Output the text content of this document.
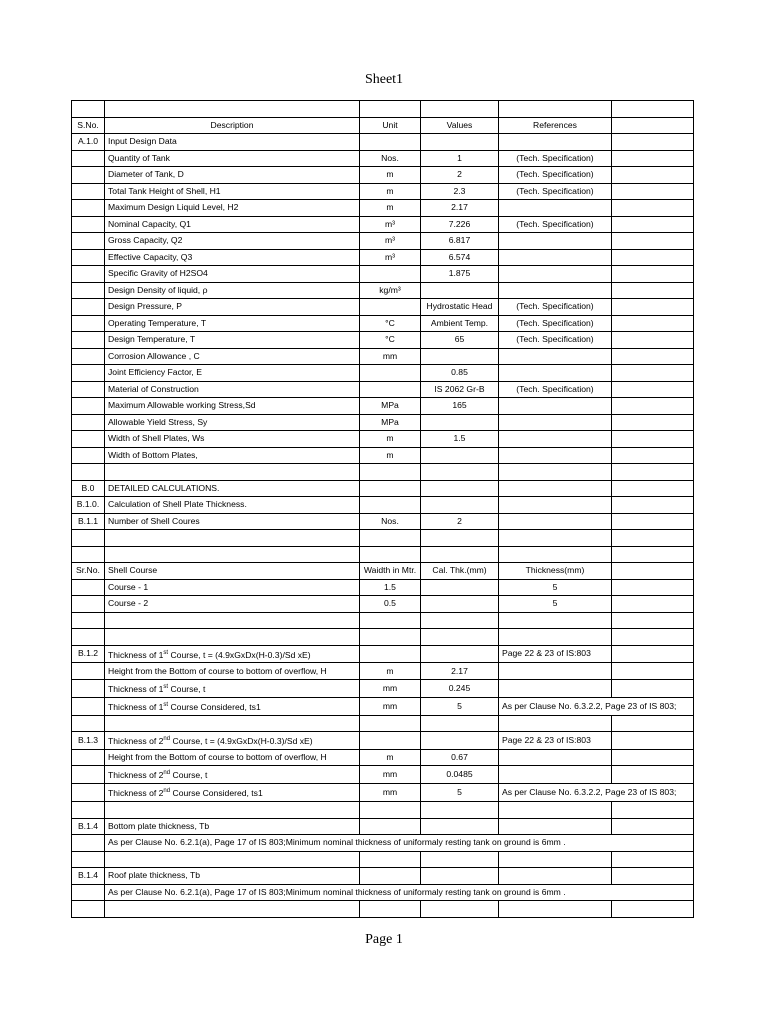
Sheet1

S.No.	Description	Unit	Values	References	
A.1.0	Input Design Data				
	Quantity of Tank	Nos.	1	(Tech. Specification)	
	Diameter of Tank, D	m	2	(Tech. Specification)	
	Total Tank Height of Shell, H1	m	2.3	(Tech. Specification)	
	Maximum Design Liquid Level, H2	m	2.17		
	Nominal Capacity, Q1	m³	7.226	(Tech. Specification)	
	Gross Capacity, Q2	m³	6.817		
	Effective Capacity, Q3	m³	6.574		
	Specific Gravity of H2SO4		1.875		
	Design Density of liquid, ρ	kg/m³			
	Design Pressure, P		Hydrostatic Head	(Tech. Specification)	
	Operating Temperature, T	°C	Ambient Temp.	(Tech. Specification)	
	Design Temperature, T	°C	65	(Tech. Specification)	
	Corrosion Allowance , C	mm			
	Joint Efficiency Factor, E		0.85		
	Material of Construction		IS 2062 Gr-B	(Tech. Specification)	
	Maximum Allowable working Stress,Sd	MPa	165		
	Allowable Yield Stress, Sy	MPa			
	Width of Shell Plates, Ws	m	1.5		
	Width of Bottom Plates,	m			

B.0	DETAILED CALCULATIONS.				
B.1.0.	Calculation of Shell Plate Thickness.				
B.1.1	Number of Shell Coures	Nos.	2		

Sr.No.	Shell Course	Waidth in Mtr.	Cal. Thk.(mm)	Thickness(mm)	
	Course - 1	1.5		5	
	Course - 2	0.5		5	

B.1.2	Thickness of 1st Course, t = (4.9xGxDx(H-0.3)/Sd xE)			Page 22 & 23 of IS:803	
	Height from the Bottom of course to bottom of overflow, H	m	2.17		
	Thickness of 1st Course, t	mm	0.245		
	Thickness of 1st Course Considered, ts1	mm	5	As per Clause No. 6.3.2.2, Page 23 of IS 803;	

B.1.3	Thickness of 2nd Course, t = (4.9xGxDx(H-0.3)/Sd xE)			Page 22 & 23 of IS:803	
	Height from the Bottom of course to bottom of overflow, H	m	0.67		
	Thickness of 2nd Course, t	mm	0.0485		
	Thickness of 2nd Course Considered, ts1	mm	5	As per Clause No. 6.3.2.2, Page 23 of IS 803;	

B.1.4	Bottom plate thickness, Tb				
	As per Clause No. 6.2.1(a), Page 17 of IS 803;Minimum nominal thickness of uniformaly resting tank on ground is 6mm .				

B.1.4	Roof plate thickness, Tb				
	As per Clause No. 6.2.1(a), Page 17 of IS 803;Minimum nominal thickness of uniformaly resting tank on ground is 6mm .				

Page 1
